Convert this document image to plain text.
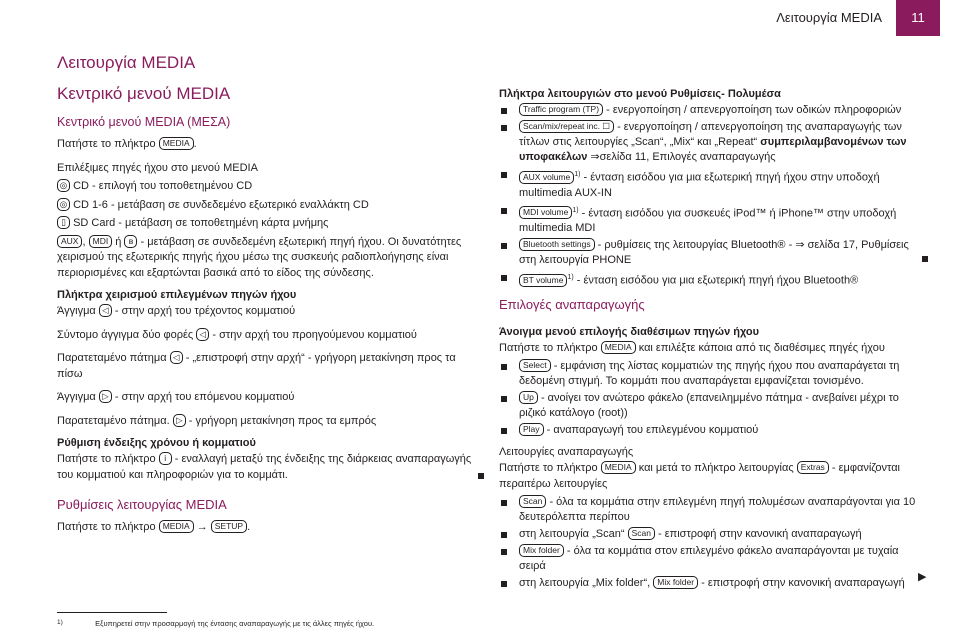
Λειτουργία MEDIA	11
Λειτουργία MEDIA
Κεντρικό μενού MEDIA
Κεντρικό μενού MEDIA (ΜΕΣΑ)
Πατήστε το πλήκτρο MEDIA .
Επιλέξιμες πηγές ήχου στο μενού MEDIA
◎ CD - επιλογή του τοποθετημένου CD
◎ CD 1-6 - μετάβαση σε συνδεδεμένο εξωτερικό εναλλάκτη CD
▯ SD Card - μετάβαση σε τοποθετημένη κάρτα μνήμης
AUX , MDI ή ʙ - μετάβαση σε συνδεδεμένη εξωτερική πηγή ήχου. Οι δυνατότητες χειρισμού της εξωτερικής πηγής ήχου μέσω της συσκευής ραδιοπλοήγησης είναι περιορισμένες και εξαρτώνται βασικά από το είδος της σύνδεσης.
Πλήκτρα χειρισμού επιλεγμένων πηγών ήχου
Άγγιγμα ◁ - στην αρχή του τρέχοντος κομματιού
Σύντομο άγγιγμα δύο φορές ◁ - στην αρχή του προηγούμενου κομματιού
Παρατεταμένο πάτημα ◁ - „επιστροφή στην αρχή“ - γρήγορη μετακίνηση προς τα πίσω
Άγγιγμα ▷ - στην αρχή του επόμενου κομματιού
Παρατεταμένο πάτημα. ▷ - γρήγορη μετακίνηση προς τα εμπρός
Ρύθμιση ένδειξης χρόνου ή κομματιού
Πατήστε το πλήκτρο i - εναλλαγή μεταξύ της ένδειξης της διάρκειας αναπαραγωγής του κομματιού και πληροφοριών για το κομμάτι.
Ρυθμίσεις λειτουργίας MEDIA
Πατήστε το πλήκτρο MEDIA → SETUP .
Πλήκτρα λειτουργιών στο μενού Ρυθμίσεις- Πολυμέσα
Traffic program (TP) - ενεργοποίηση / απενεργοποίηση των οδικών πληροφοριών
Scan/mix/repeat inc. ☐ - ενεργοποίηση / απενεργοποίηση της αναπαραγωγής των τίτλων στις λειτουργίες „Scan“, „Mix“ και „Repeat“ συμπεριλαμβανομένων των υποφακέλων ⇒σελίδα 11, Επιλογές αναπαραγωγής
AUX volume $^{1)}$ - ένταση εισόδου για μια εξωτερική πηγή ήχου στην υποδοχή multimedia AUX-IN
MDI volume $^{1)}$ - ένταση εισόδου για συσκευές iPod™ ή iPhone™ στην υποδοχή multimedia MDI
Bluetooth settings - ρυθμίσεις της λειτουργίας Bluetooth® - ⇒ σελίδα 17, Ρυθμίσεις στη λειτουργία PHONE
BT volume $^{1)}$ - ένταση εισόδου για μια εξωτερική πηγή ήχου Bluetooth®
Επιλογές αναπαραγωγής
Άνοιγμα μενού επιλογής διαθέσιμων πηγών ήχου
Πατήστε το πλήκτρο MEDIA και επιλέξτε κάποια από τις διαθέσιμες πηγές ήχου
Select - εμφάνιση της λίστας κομματιών της πηγής ήχου που αναπαράγεται τη δεδομένη στιγμή. Το κομμάτι που αναπαράγεται εμφανίζεται τονισμένο.
Up - ανοίγει τον ανώτερο φάκελο (επανειλημμένο πάτημα - ανεβαίνει μέχρι το ριζικό κατάλογο (root))
Play - αναπαραγωγή του επιλεγμένου κομματιού
Λειτουργίες αναπαραγωγής
Πατήστε το πλήκτρο MEDIA και μετά το πλήκτρο λειτουργίας Extras - εμφανίζονται περαιτέρω λειτουργίες
Scan - όλα τα κομμάτια στην επιλεγμένη πηγή πολυμέσων αναπαράγονται για 10 δευτερόλεπτα περίπου
στη λειτουργία „Scan“ Scan - επιστροφή στην κανονική αναπαραγωγή
Mix folder - όλα τα κομμάτια στον επιλεγμένο φάκελο αναπαράγονται με τυχαία σειρά
στη λειτουργία „Mix folder“, Mix folder - επιστροφή στην κανονική αναπαραγωγή
▶
1)	Εξυπηρετεί στην προσαρμογή της έντασης αναπαραγωγής με τις άλλες πηγές ήχου.
